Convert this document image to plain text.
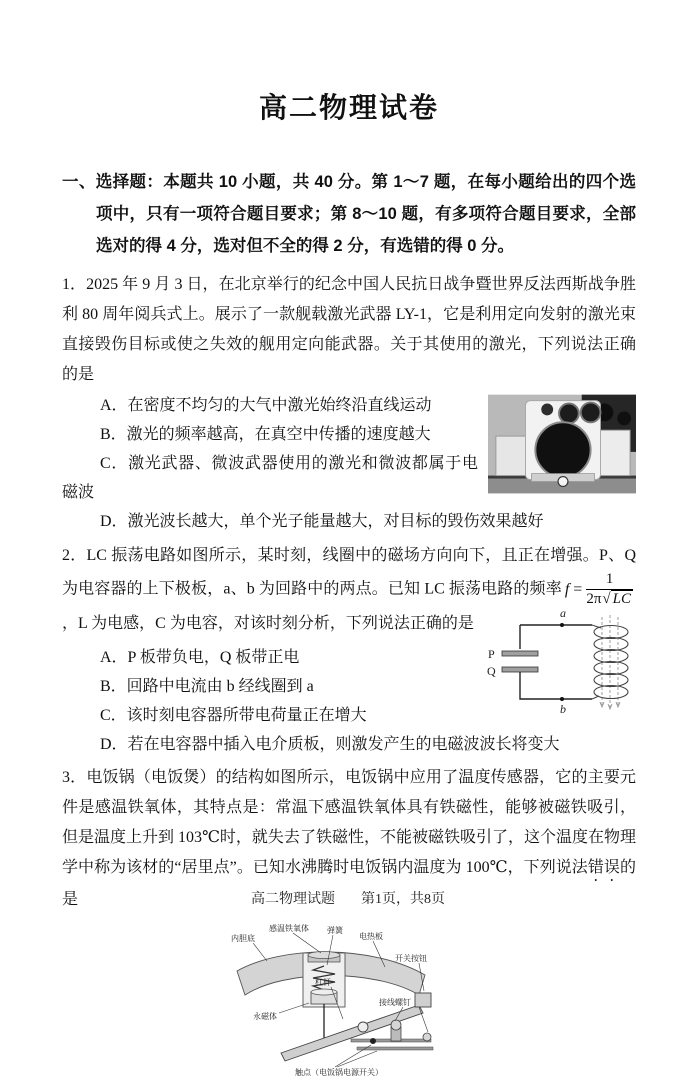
高二物理试卷

一、选择题：本题共 10 小题，共 40 分。第 1～7 题，在每小题给出的四个选项中，只有一项符合题目要求；第 8～10 题，有多项符合题目要求，全部选对的得 4 分，选对但不全的得 2 分，有选错的得 0 分。

1．2025 年 9 月 3 日，在北京举行的纪念中国人民抗日战争暨世界反法西斯战争胜利 80 周年阅兵式上。展示了一款舰载激光武器 LY-1，它是利用定向发射的激光束直接毁伤目标或使之失效的舰用定向能武器。关于其使用的激光，下列说法正确的是

A．在密度不均匀的大气中激光始终沿直线运动
B．激光的频率越高，在真空中传播的速度越大
C．激光武器、微波武器使用的激光和微波都属于电磁波
D．激光波长越大，单个光子能量越大，对目标的毁伤效果越好

2．LC 振荡电路如图所示，某时刻，线圈中的磁场方向向下，且正在增强。P、Q 为电容器的上下极板，a、b 为回路中的两点。已知 LC 振荡电路的频率 $f = \frac{1}{2\pi√ LC}$
，L 为电感，C 为电容，对该时刻分析，下列说法正确的是

a
b
P
Q
A．P 板带负电，Q 板带正电
B．回路中电流由 b 经线圈到 a
C．该时刻电容器所带电荷量正在增大
D．若在电容器中插入电介质板，则激发产生的电磁波波长将变大

3．电饭锅（电饭煲）的结构如图所示，电饭锅中应用了温度传感器，它的主要元件是感温铁氧体，其特点是：常温下感温铁氧体具有铁磁性，能够被磁铁吸引，但是温度上升到 103℃时，就失去了铁磁性，不能被磁铁吸引了，这个温度在物理学中称为该材的“居里点”。已知水沸腾时电饭锅内温度为 100℃，下列说法错误的是

内胆底
感温铁氧体 弹簧
电热板
开关按钮
杠杆
永磁体
接线螺钉
触点（电饭锅电源开关）
高二物理试题 第1页，共8页
